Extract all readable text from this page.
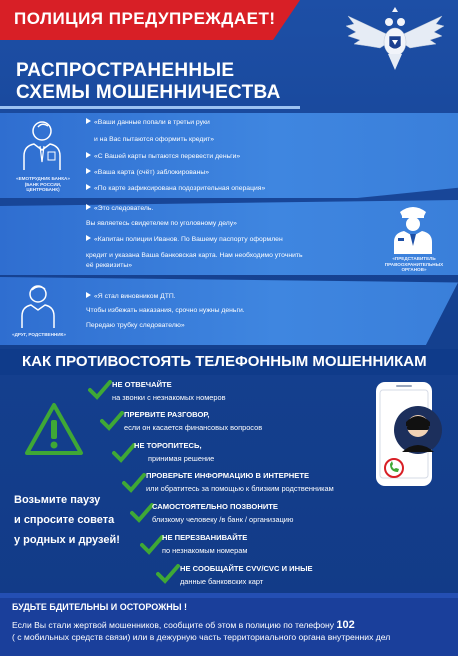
ПОЛИЦИЯ ПРЕДУПРЕЖДАЕТ!
РАСПРОСТРАНЕННЫЕ
СХЕМЫ МОШЕННИЧЕСТВА
«ЕМОТРУДНИК БАНКА»
(БАНК РОССИИ, ЦЕНТРОБАНК)
«Ваши данные попали в третьи руки
и на Вас пытаются оформить кредит»
«С Вашей карты пытаются перевести деньги»
«Ваша карта (счёт) заблокированы»
«По карте зафиксирована подозрительная операция»
«Это следователь.
Вы являетесь свидетелем по уголовному делу»
«Капитан полиции Иванов. По Вашему паспорту оформлен
кредит и указана Ваша банковская карта. Нам необходимо уточнить
её реквизиты»
«ПРЕДСТАВИТЕЛЬ
ПРАВООХРАНИТЕЛЬНЫХ
ОРГАНОВ»
«ДРУГ, РОДСТВЕННИК»
«Я стал виновником ДТП.
Чтобы избежать наказания, срочно нужны деньги.
Передаю трубку следователю»
КАК ПРОТИВОСТОЯТЬ ТЕЛЕФОННЫМ МОШЕННИКАМ
Возьмите паузу
и спросите совета
у родных и друзей!
НЕ ОТВЕЧАЙТЕ
на звонки с незнакомых номеров
ПРЕРВИТЕ РАЗГОВОР,
если он касается финансовых вопросов
НЕ ТОРОПИТЕСЬ,
принимая решение
ПРОВЕРЬТЕ ИНФОРМАЦИЮ В ИНТЕРНЕТЕ
или обратитесь за помощью к близким родственникам
САМОСТОЯТЕЛЬНО ПОЗВОНИТЕ
близкому человеку /в банк / организацию
НЕ ПЕРЕЗВАНИВАЙТЕ
по незнакомым номерам
НЕ СООБЩАЙТЕ CVV/CVC И ИНЫЕ
данные банковских карт
БУДЬТЕ БДИТЕЛЬНЫ И ОСТОРОЖНЫ !
Если Вы стали жертвой мошенников, сообщите об этом в полицию по телефону 102
( с мобильных средств связи) или в дежурную часть территориального органа внутренних дел
